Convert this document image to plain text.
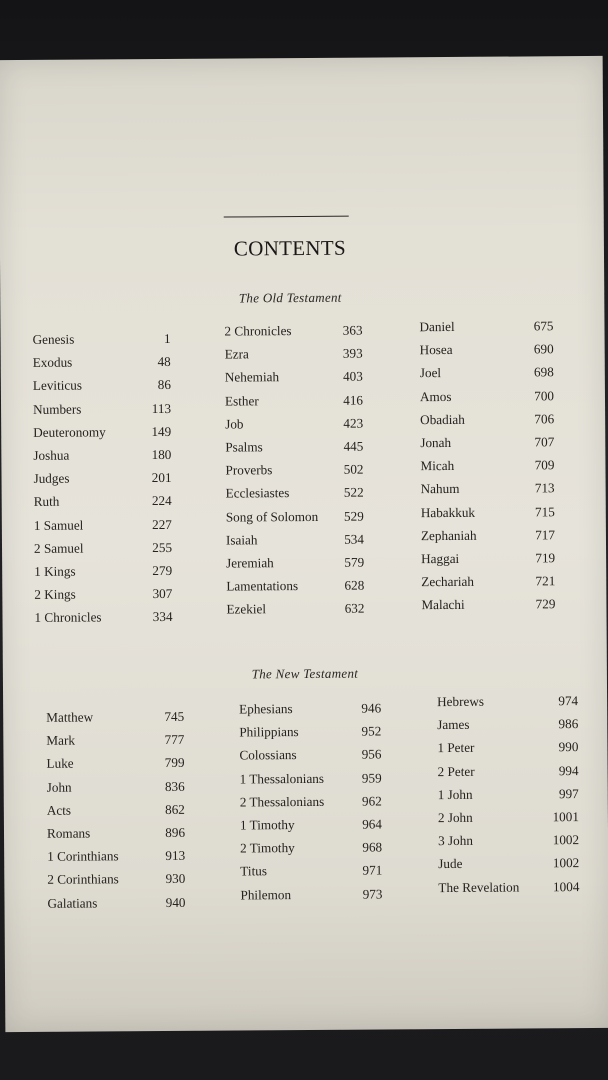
CONTENTS
The Old Testament
Genesis	1
Exodus	48
Leviticus	86
Numbers	113
Deuteronomy	149
Joshua	180
Judges	201
Ruth	224
1 Samuel	227
2 Samuel	255
1 Kings	279
2 Kings	307
1 Chronicles	334
2 Chronicles	363
Ezra	393
Nehemiah	403
Esther	416
Job	423
Psalms	445
Proverbs	502
Ecclesiastes	522
Song of Solomon 529
Isaiah	534
Jeremiah	579
Lamentations	628
Ezekiel	632
Daniel	675
Hosea	690
Joel	698
Amos	700
Obadiah	706
Jonah	707
Micah	709
Nahum	713
Habakkuk	715
Zephaniah	717
Haggai	719
Zechariah	721
Malachi	729
The New Testament
Matthew	745
Mark	777
Luke	799
John	836
Acts	862
Romans	896
1 Corinthians	913
2 Corinthians	930
Galatians	940
Ephesians	946
Philippians	952
Colossians	956
1 Thessalonians	959
2 Thessalonians	962
1 Timothy	964
2 Timothy	968
Titus	971
Philemon	973
Hebrews	974
James	986
1 Peter	990
2 Peter	994
1 John	997
2 John	1001
3 John	1002
Jude	1002
The Revelation	1004
